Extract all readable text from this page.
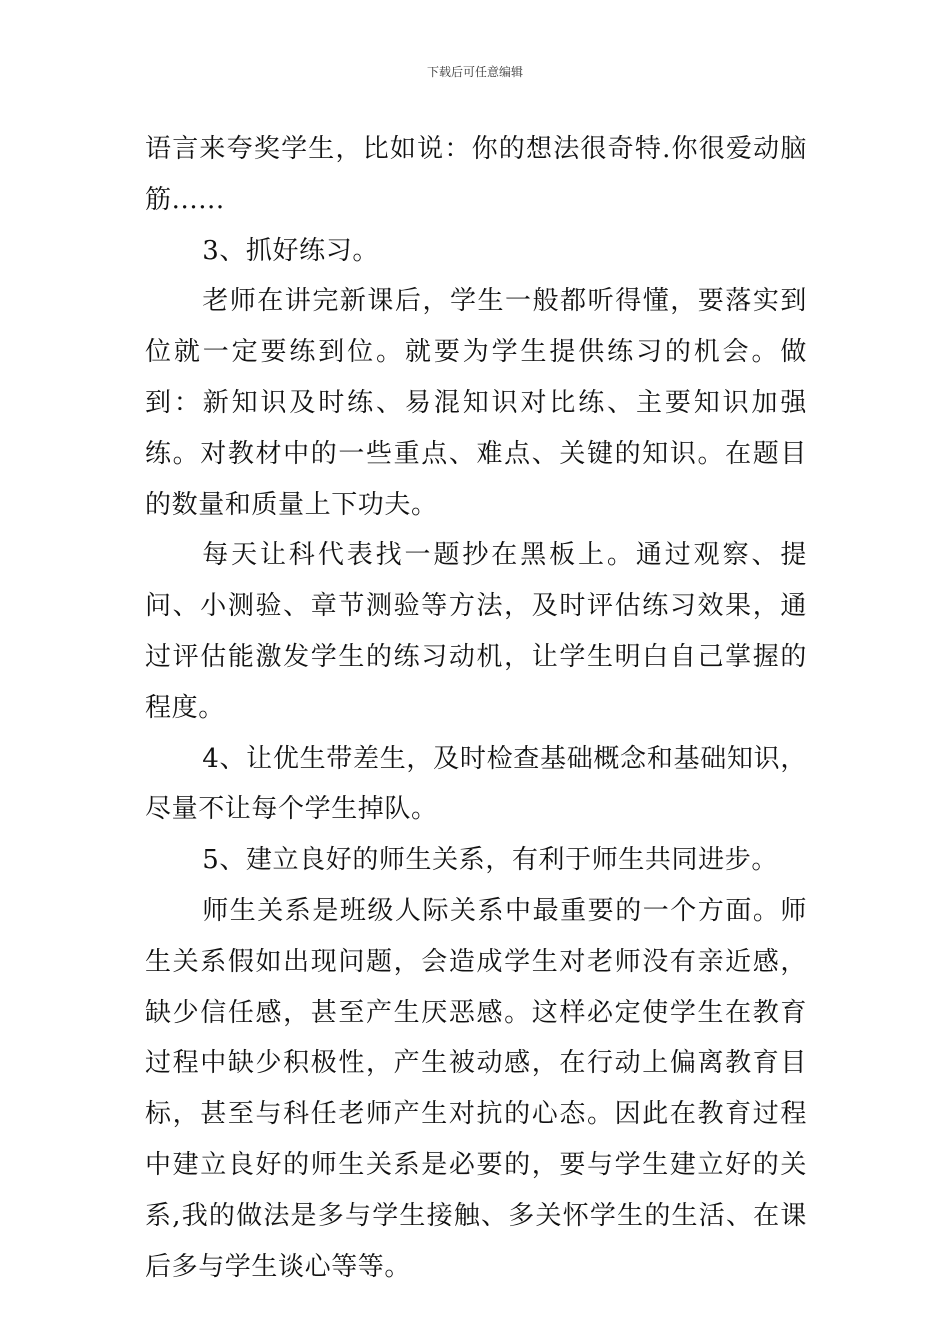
下载后可任意编辑

语言来夸奖学生，比如说：你的想法很奇特.你很爱动脑筋......

3、抓好练习。

老师在讲完新课后，学生一般都听得懂，要落实到位就一定要练到位。就要为学生提供练习的机会。做到：新知识及时练、易混知识对比练、主要知识加强练。对教材中的一些重点、难点、关键的知识。在题目的数量和质量上下功夫。

每天让科代表找一题抄在黑板上。通过观察、提问、小测验、章节测验等方法，及时评估练习效果，通过评估能激发学生的练习动机，让学生明白自己掌握的程度。

4、让优生带差生，及时检查基础概念和基础知识，尽量不让每个学生掉队。

5、建立良好的师生关系，有利于师生共同进步。

师生关系是班级人际关系中最重要的一个方面。师生关系假如出现问题，会造成学生对老师没有亲近感，缺少信任感，甚至产生厌恶感。这样必定使学生在教育过程中缺少积极性，产生被动感，在行动上偏离教育目标，甚至与科任老师产生对抗的心态。因此在教育过程中建立良好的师生关系是必要的，要与学生建立好的关系,我的做法是多与学生接触、多关怀学生的生活、在课后多与学生谈心等等。
